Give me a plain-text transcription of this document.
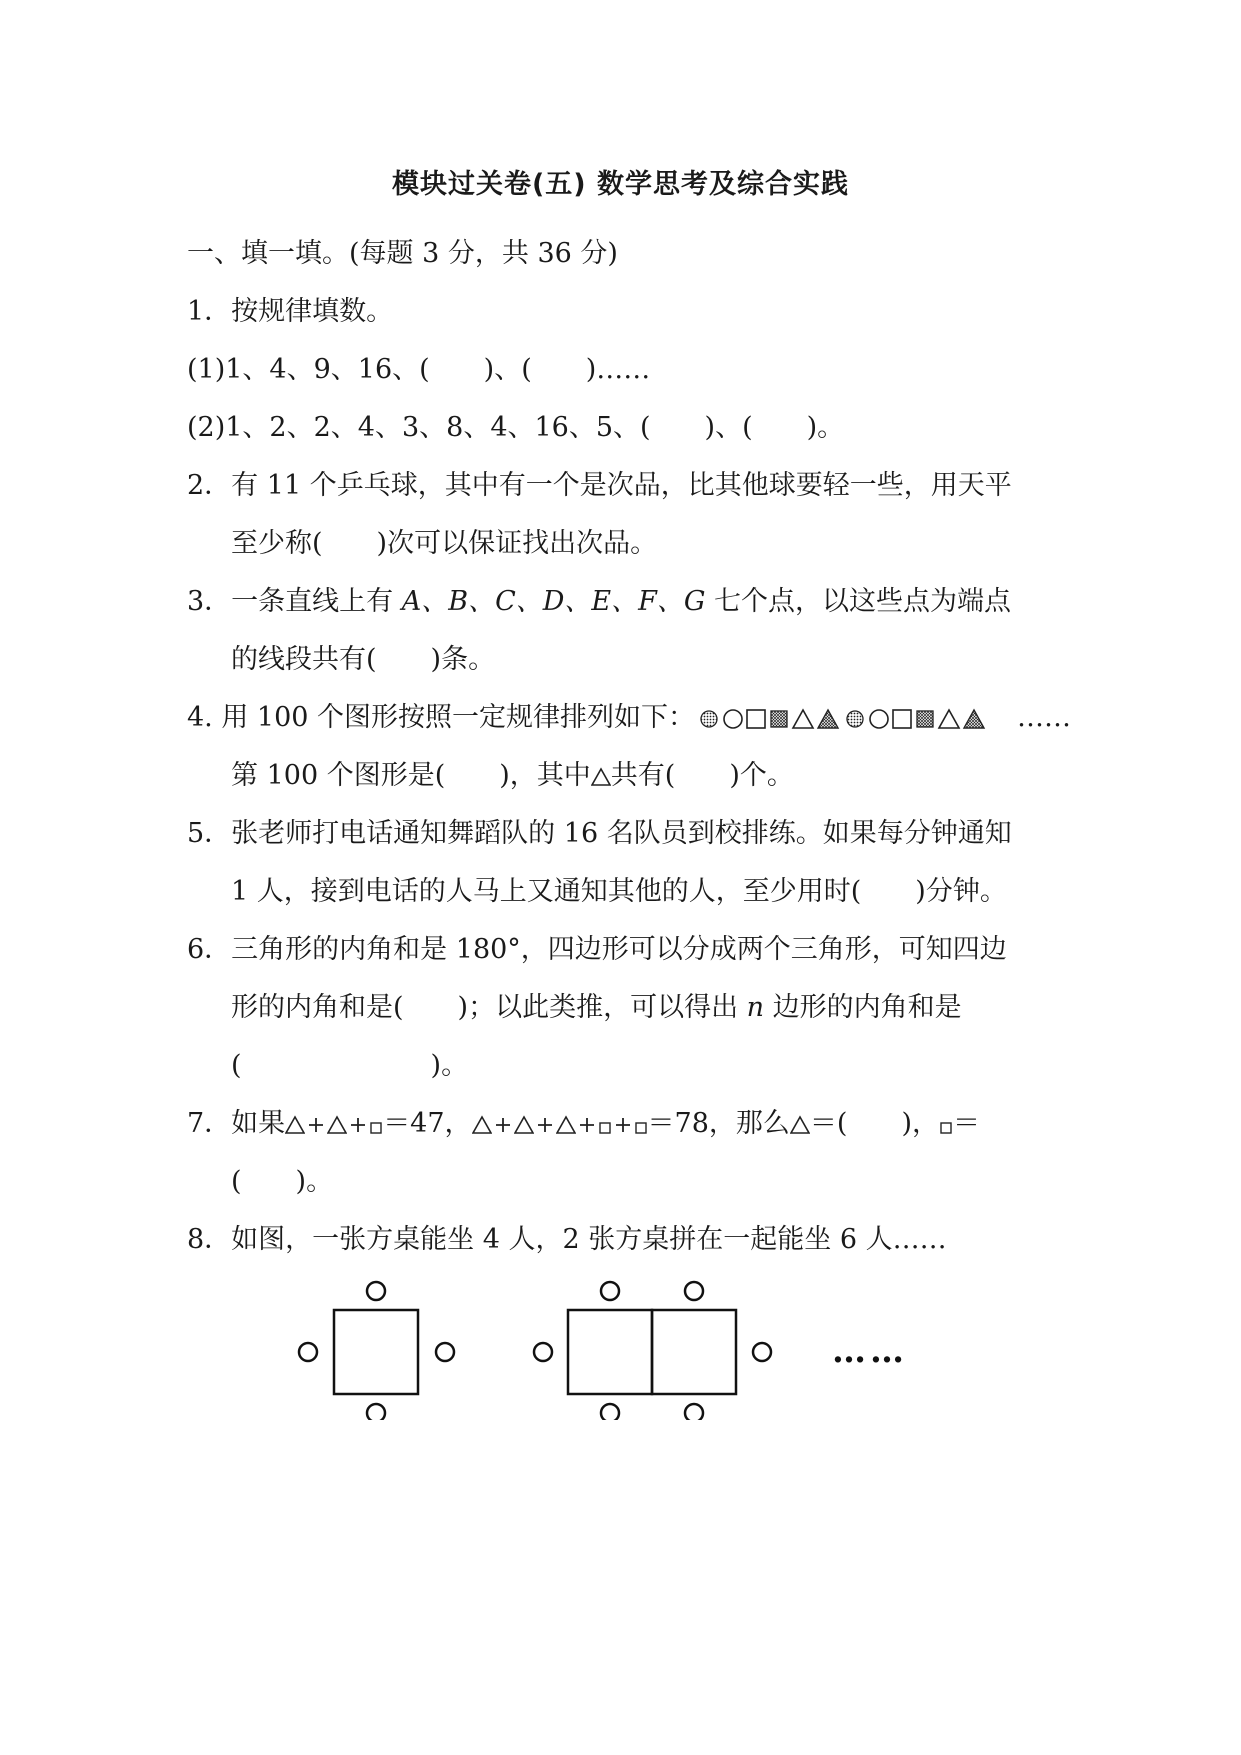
模块过关卷(五) 数学思考及综合实践
一、填一填。(每题 3 分，共 36 分)
1．按规律填数。
(1)1、4、9、16、(　　)、(　　)……
(2)1、2、2、4、3、8、4、16、5、(　　)、(　　)。
2．有 11 个乒乓球，其中有一个是次品，比其他球要轻一些，用天平
至少称(　　)次可以保证找出次品。
3．一条直线上有 A、B、C、D、E、F、G 七个点，以这些点为端点
的线段共有(　　)条。
4. 用 100 个图形按照一定规律排列如下：	……
第 100 个图形是(　　)，其中 共有(　　)个。
5．张老师打电话通知舞蹈队的 16 名队员到校排练。如果每分钟通知
1 人，接到电话的人马上又通知其他的人，至少用时(　　)分钟。
6．三角形的内角和是 180°，四边形可以分成两个三角形，可知四边
形的内角和是(　　)；以此类推，可以得出 n 边形的内角和是
(　　　　　　　)。
7．如果	＝47，	＝78，那么 ＝(　　)， ＝
(　　)。
8．如图，一张方桌能坐 4 人，2 张方桌拼在一起能坐 6 人……
……
